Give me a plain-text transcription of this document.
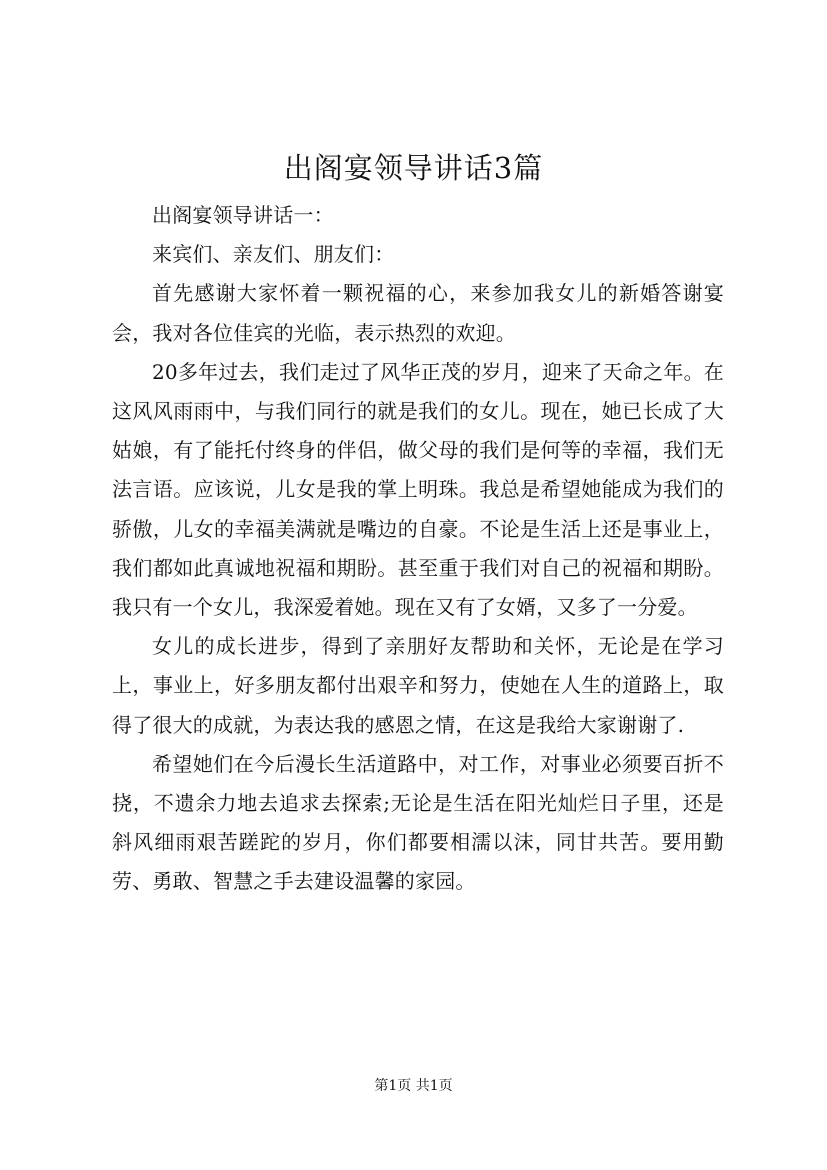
出阁宴领导讲话3篇

出阁宴领导讲话一：

来宾们、亲友们、朋友们：

首先感谢大家怀着一颗祝福的心，来参加我女儿的新婚答谢宴会，我对各位佳宾的光临，表示热烈的欢迎。

20多年过去，我们走过了风华正茂的岁月，迎来了天命之年。在这风风雨雨中，与我们同行的就是我们的女儿。现在，她已长成了大姑娘，有了能托付终身的伴侣，做父母的我们是何等的幸福，我们无法言语。应该说，儿女是我的掌上明珠。我总是希望她能成为我们的骄傲，儿女的幸福美满就是嘴边的自豪。不论是生活上还是事业上，我们都如此真诚地祝福和期盼。甚至重于我们对自己的祝福和期盼。我只有一个女儿，我深爱着她。现在又有了女婿，又多了一分爱。

女儿的成长进步，得到了亲朋好友帮助和关怀，无论是在学习上，事业上，好多朋友都付出艰辛和努力，使她在人生的道路上，取得了很大的成就，为表达我的感恩之情，在这是我给大家谢谢了.

希望她们在今后漫长生活道路中，对工作，对事业必须要百折不挠，不遗余力地去追求去探索;无论是生活在阳光灿烂日子里，还是斜风细雨艰苦蹉跎的岁月，你们都要相濡以沫，同甘共苦。要用勤劳、勇敢、智慧之手去建设温馨的家园。

第1页 共1页
